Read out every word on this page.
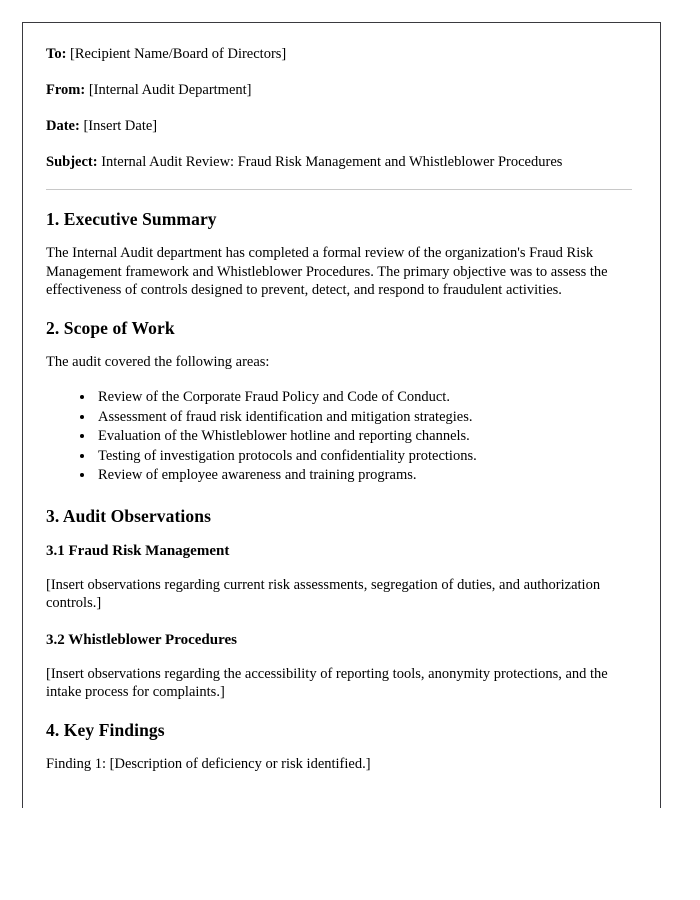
To: [Recipient Name/Board of Directors]
From: [Internal Audit Department]
Date: [Insert Date]
Subject: Internal Audit Review: Fraud Risk Management and Whistleblower Procedures
1. Executive Summary

The Internal Audit department has completed a formal review of the organization's Fraud Risk Management framework and Whistleblower Procedures. The primary objective was to assess the effectiveness of controls designed to prevent, detect, and respond to fraudulent activities.

2. Scope of Work

The audit covered the following areas:

• Review of the Corporate Fraud Policy and Code of Conduct.
• Assessment of fraud risk identification and mitigation strategies.
• Evaluation of the Whistleblower hotline and reporting channels.
• Testing of investigation protocols and confidentiality protections.
• Review of employee awareness and training programs.
3. Audit Observations
3.1 Fraud Risk Management

[Insert observations regarding current risk assessments, segregation of duties, and authorization controls.]

3.2 Whistleblower Procedures

[Insert observations regarding the accessibility of reporting tools, anonymity protections, and the intake process for complaints.]

4. Key Findings

Finding 1: [Description of deficiency or risk identified.]
